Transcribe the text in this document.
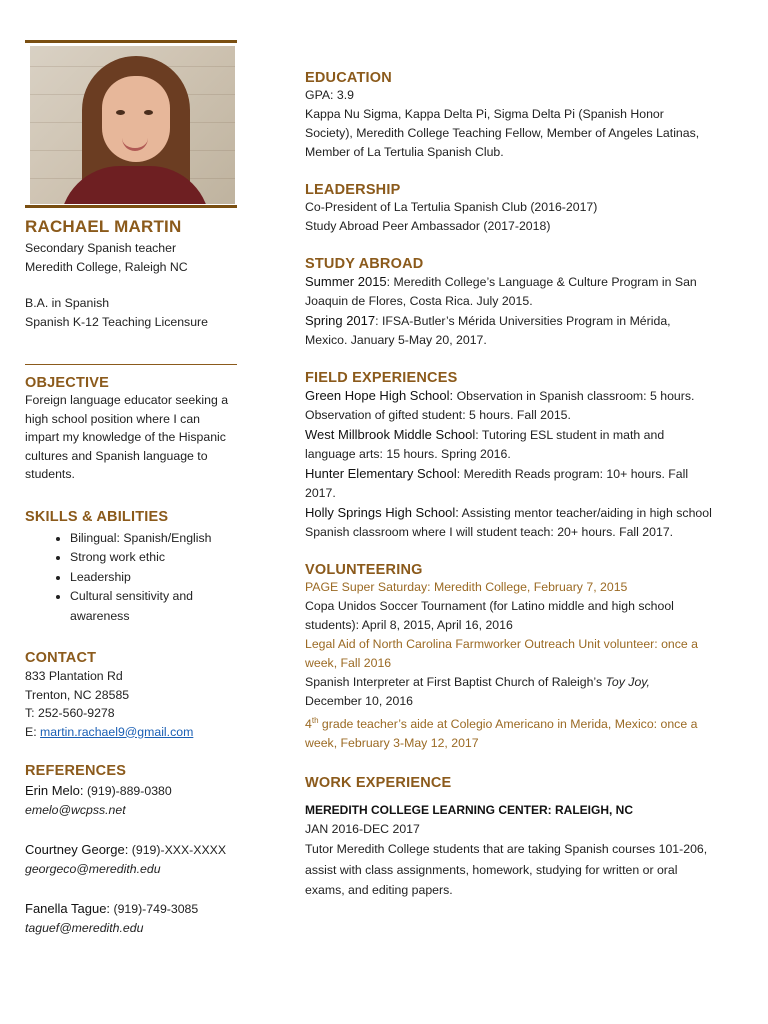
RACHAEL MARTIN
Secondary Spanish teacher
Meredith College, Raleigh NC
B.A. in Spanish
Spanish K-12 Teaching Licensure
OBJECTIVE
Foreign language educator seeking a high school position where I can impart my knowledge of the Hispanic cultures and Spanish language to students.
SKILLS & ABILITIES
• Bilingual: Spanish/English
• Strong work ethic
• Leadership
• Cultural sensitivity and awareness
CONTACT
833 Plantation Rd
Trenton, NC 28585
T: 252-560-9278
E: martin.rachael9@gmail.com
REFERENCES
Erin Melo: (919)-889-0380
emelo@wcpss.net
Courtney George: (919)-XXX-XXXX
georgeco@meredith.edu
Fanella Tague: (919)-749-3085
taguef@meredith.edu
EDUCATION
GPA: 3.9
Kappa Nu Sigma, Kappa Delta Pi, Sigma Delta Pi (Spanish Honor Society), Meredith College Teaching Fellow, Member of Angeles Latinas, Member of La Tertulia Spanish Club.
LEADERSHIP
Co-President of La Tertulia Spanish Club (2016-2017)
Study Abroad Peer Ambassador (2017-2018)
STUDY ABROAD
Summer 2015: Meredith College’s Language & Culture Program in San Joaquin de Flores, Costa Rica. July 2015.
Spring 2017: IFSA-Butler’s Mérida Universities Program in Mérida, Mexico. January 5-May 20, 2017.
FIELD EXPERIENCES
Green Hope High School: Observation in Spanish classroom: 5 hours. Observation of gifted student: 5 hours. Fall 2015.
West Millbrook Middle School: Tutoring ESL student in math and language arts: 15 hours. Spring 2016.
Hunter Elementary School: Meredith Reads program: 10+ hours. Fall 2017.
Holly Springs High School: Assisting mentor teacher/aiding in high school Spanish classroom where I will student teach: 20+ hours. Fall 2017.
VOLUNTEERING
PAGE Super Saturday: Meredith College, February 7, 2015
Copa Unidos Soccer Tournament (for Latino middle and high school students): April 8, 2015, April 16, 2016
Legal Aid of North Carolina Farmworker Outreach Unit volunteer: once a week, Fall 2016
Spanish Interpreter at First Baptist Church of Raleigh’s Toy Joy,
December 10, 2016
4th grade teacher’s aide at Colegio Americano in Merida, Mexico: once a week, February 3-May 12, 2017
WORK EXPERIENCE
MEREDITH COLLEGE LEARNING CENTER: RALEIGH, NC
JAN 2016-DEC 2017
Tutor Meredith College students that are taking Spanish courses 101-206, assist with class assignments, homework, studying for written or oral exams, and editing papers.
